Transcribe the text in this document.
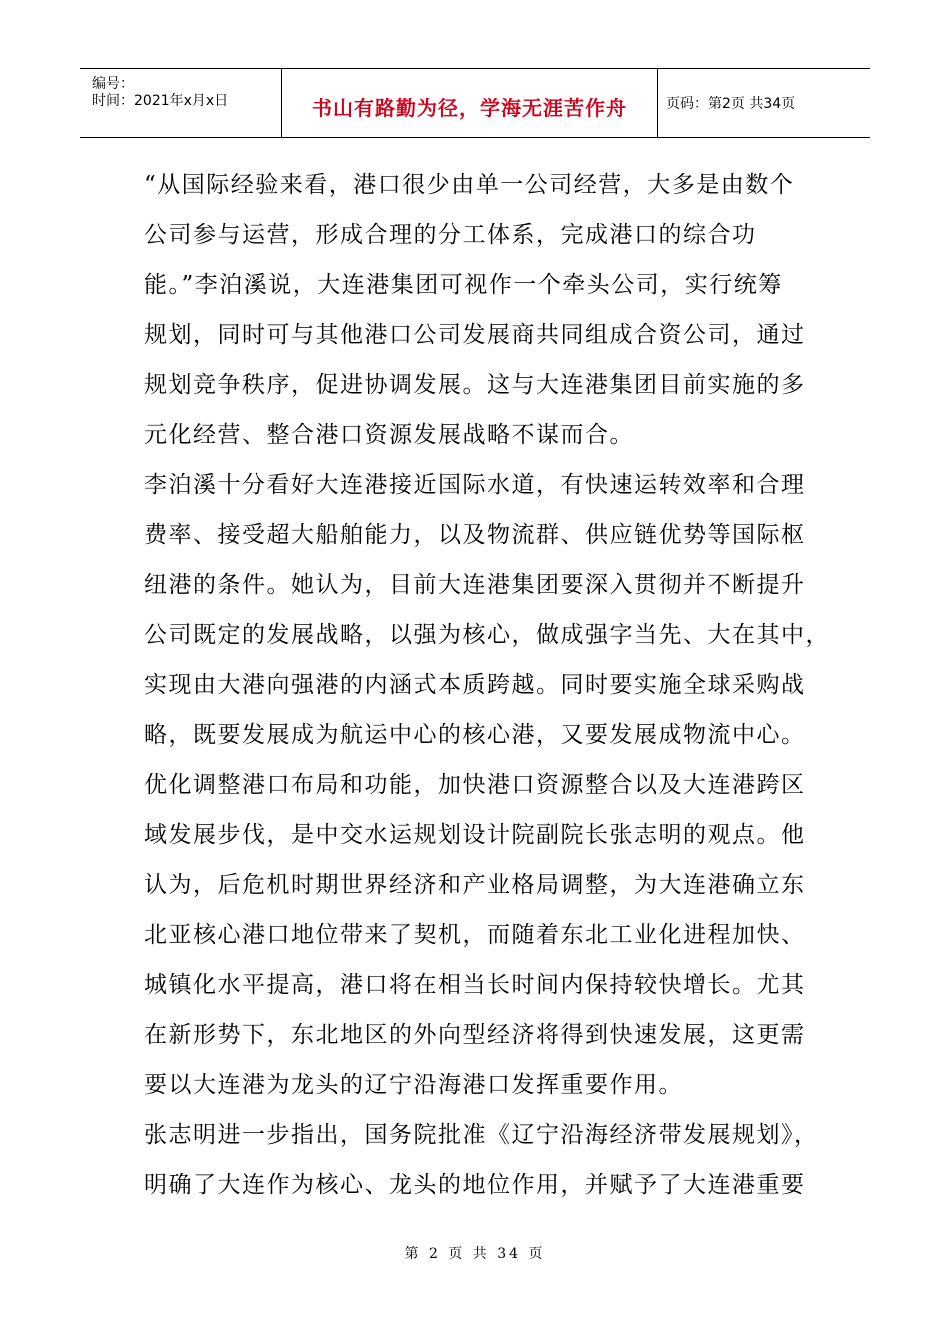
编号：
时间：2021年x月x日	书山有路勤为径，学海无涯苦作舟	页码：第2页 共34页
“从国际经验来看，港口很少由单一公司经营，大多是由数个
公司参与运营，形成合理的分工体系，完成港口的综合功
能。”李泊溪说，大连港集团可视作一个牵头公司，实行统筹
规划，同时可与其他港口公司发展商共同组成合资公司，通过
规划竞争秩序，促进协调发展。这与大连港集团目前实施的多
元化经营、整合港口资源发展战略不谋而合。
李泊溪十分看好大连港接近国际水道，有快速运转效率和合理
费率、接受超大船舶能力，以及物流群、供应链优势等国际枢
纽港的条件。她认为，目前大连港集团要深入贯彻并不断提升
公司既定的发展战略，以强为核心，做成强字当先、大在其中，
实现由大港向强港的内涵式本质跨越。同时要实施全球采购战
略，既要发展成为航运中心的核心港，又要发展成物流中心。
优化调整港口布局和功能，加快港口资源整合以及大连港跨区
域发展步伐，是中交水运规划设计院副院长张志明的观点。他
认为，后危机时期世界经济和产业格局调整，为大连港确立东
北亚核心港口地位带来了契机，而随着东北工业化进程加快、
城镇化水平提高，港口将在相当长时间内保持较快增长。尤其
在新形势下，东北地区的外向型经济将得到快速发展，这更需
要以大连港为龙头的辽宁沿海港口发挥重要作用。
张志明进一步指出，国务院批准《辽宁沿海经济带发展规划》，
明确了大连作为核心、龙头的地位作用，并赋予了大连港重要
第 2 页 共 34 页
